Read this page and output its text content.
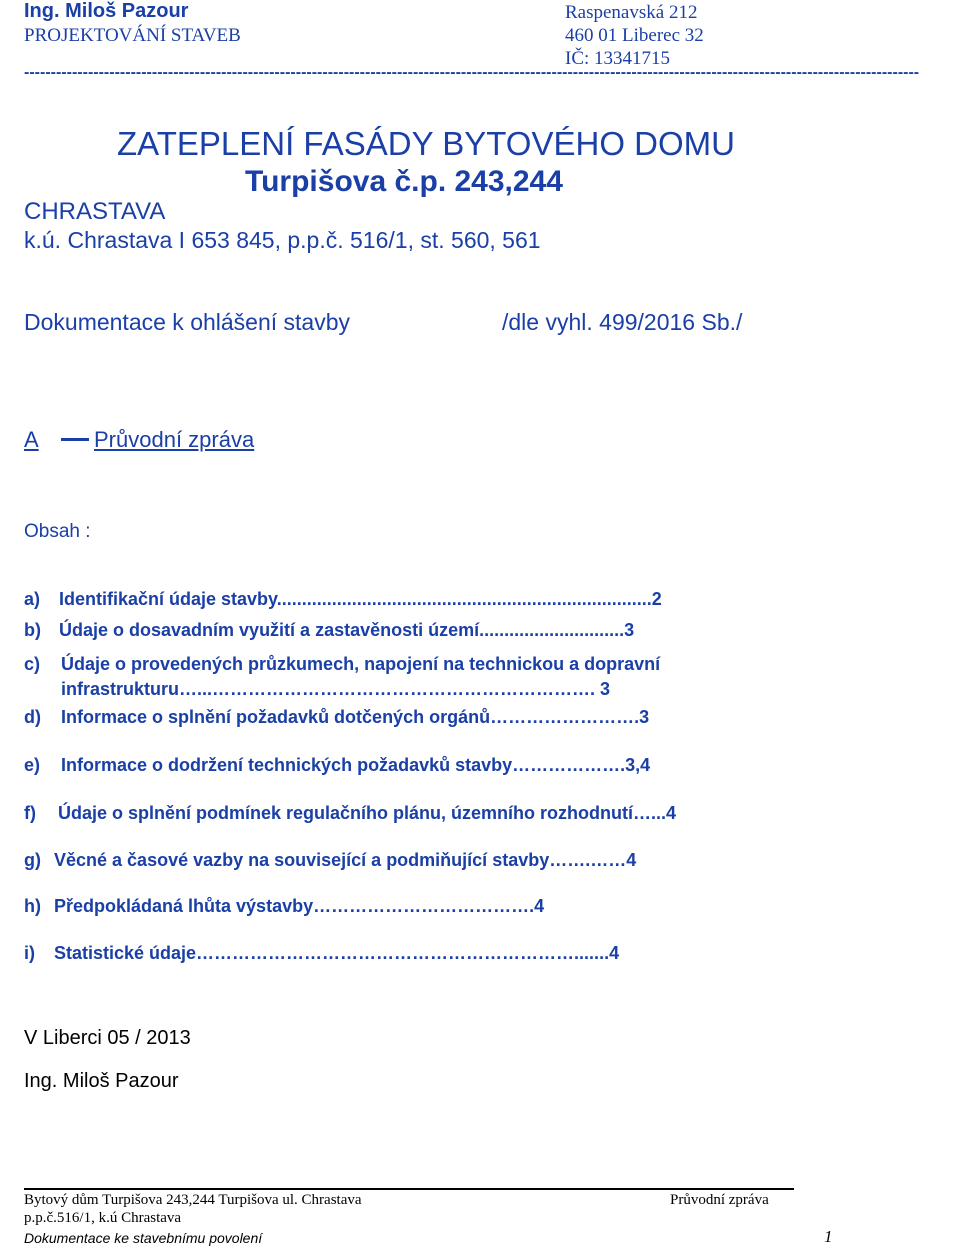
Ing. Miloš Pazour
PROJEKTOVÁNÍ STAVEB
Raspenavská 212
460 01 Liberec 32
IČ: 13341715
------------------------------------------------------------------------------------------------------------------------------------------------------------------------
ZATEPLENÍ FASÁDY BYTOVÉHO DOMU
Turpišova č.p. 243,244
CHRASTAVA
k.ú. Chrastava I 653 845, p.p.č. 516/1, st. 560, 561
Dokumentace k ohlášení stavby	/dle vyhl. 499/2016 Sb./
A	Průvodní zpráva
Obsah :
a) Identifikační údaje stavby...........................................................................2
b) Údaje o dosavadním využití a zastavěnosti území.............................3
c) Údaje o provedených průzkumech, napojení na technickou a dopravní
infrastrukturu…...………………………………………………………. 3
d) Informace o splnění požadavků dotčených orgánů…………………….3
e) Informace o dodržení technických požadavků stavby……………….3,4
f) Údaje o splnění podmínek regulačního plánu, územního rozhodnutí…...4
g) Věcné a časové vazby na související a podmiňující stavby…….……4
h) Předpokládaná lhůta výstavby……………………………….4
i) Statistické údaje……………………………………………………….......4
V Liberci 05 / 2013
Ing. Miloš Pazour
Bytový dům Turpišova 243,244 Turpišova ul. Chrastava	Průvodní zpráva
p.p.č.516/1, k.ú Chrastava
Dokumentace ke stavebnímu povolení	1
